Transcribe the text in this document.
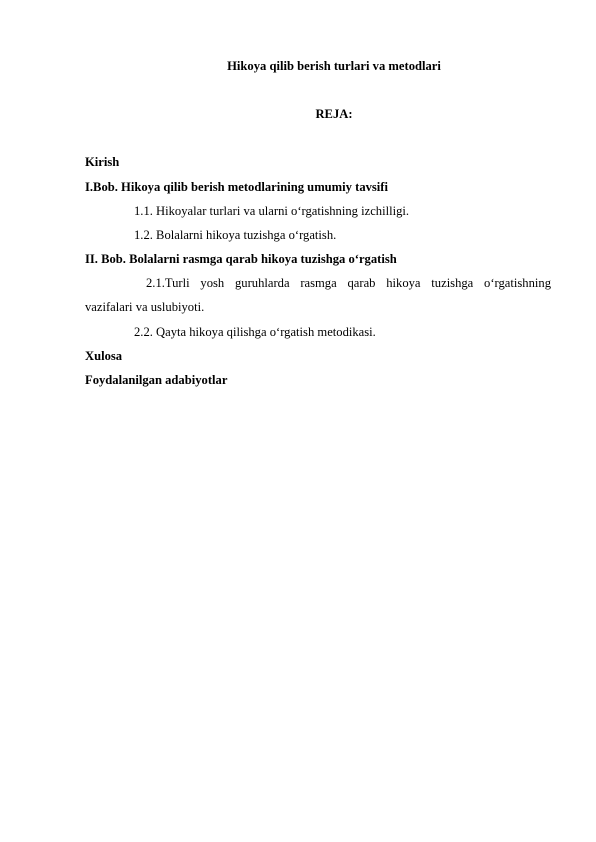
Hikoya qilib berish turlari va metodlari
REJA:
Kirish
I.Bob. Hikoya qilib berish metodlarining umumiy tavsifi
1.1. Hikoyalar turlari va ularni o‘rgatishning izchilligi.
1.2. Bolalarni hikoya tuzishga o‘rgatish.
II. Bob. Bolalarni rasmga qarab hikoya tuzishga o‘rgatish
2.1.Turli yosh guruhlarda rasmga qarab hikoya tuzishga o‘rgatishning
vazifalari va uslubiyoti.
2.2. Qayta hikoya qilishga o‘rgatish metodikasi.
Xulosa
Foydalanilgan adabiyotlar
